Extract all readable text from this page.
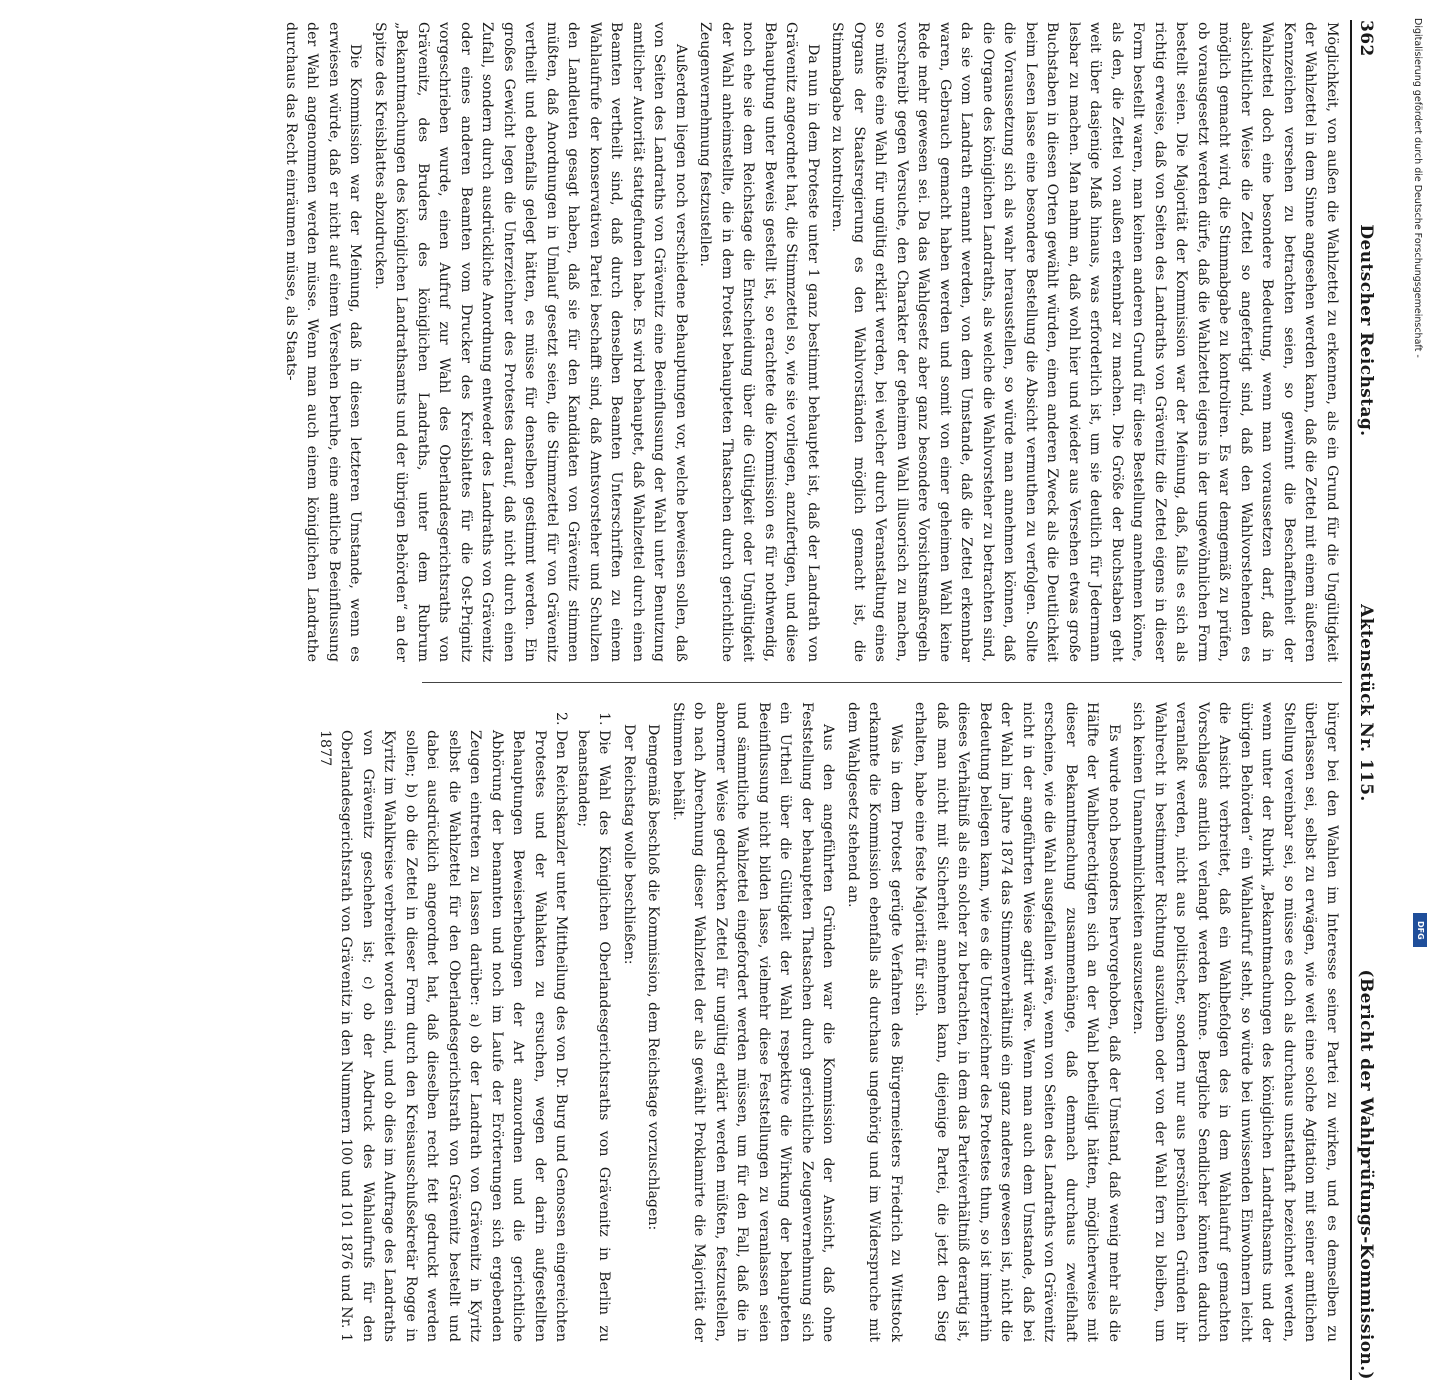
362
Deutscher Reichstag.
Aktenstück Nr. 115.
(Bericht der Wahlprüfungs-Kommission.)

Möglichkeit, von außen die Wahlzettel zu erkennen, als ein Grund für die Ungültigkeit der Wahlzettel in dem Sinne angesehen werden kann, daß die Zettel mit einem äußeren Kennzeichen versehen zu betrachten seien, so gewinnt die Beschaffenheit der Wahlzettel doch eine besondere Bedeutung, wenn man voraussetzen darf, daß in absichtlicher Weise die Zettel so angefertigt sind, daß den Wahlvorstehenden es möglich gemacht wird, die Stimmabgabe zu kontroliren. Es war demgemäß zu prüfen, ob vorausgesetzt werden dürfe, daß die Wahlzettel eigens in der ungewöhnlichen Form bestellt seien. Die Majorität der Kommission war der Meinung, daß, falls es sich als richtig erweise, daß von Seiten des Landraths von Grävenitz die Zettel eigens in dieser Form bestellt waren, man keinen anderen Grund für diese Bestellung annehmen könne, als den, die Zettel von außen erkennbar zu machen. Die Größe der Buchstaben geht weit über dasjenige Maß hinaus, was erforderlich ist, um sie deutlich für Jedermann lesbar zu machen. Man nahm an, daß wohl hier und wieder aus Versehen etwas große Buchstaben in diesen Orten gewählt würden, einen anderen Zweck als die Deutlichkeit beim Lesen lasse eine besondere Bestellung die Absicht vermuthen zu verfolgen. Sollte die Voraussetzung sich als wahr herausstellen, so würde man annehmen können, daß die Organe des königlichen Landraths, als welche die Wahlvorsteher zu betrachten sind, da sie vom Landrath ernannt werden, von dem Umstande, daß die Zettel erkennbar waren, Gebrauch gemacht haben werden und somit von einer geheimen Wahl keine Rede mehr gewesen sei. Da das Wahlgesetz aber ganz besondere Vorsichtsmaßregeln vorschreibt gegen Versuche, den Charakter der geheimen Wahl illusorisch zu machen, so müßte eine Wahl für ungültig erklärt werden, bei welcher durch Veranstaltung eines Organs der Staatsregierung es den Wahlvorständen möglich gemacht ist, die Stimmabgabe zu kontroliren.

Da nun in dem Proteste unter 1 ganz bestimmt behauptet ist, daß der Landrath von Grävenitz angeordnet hat, die Stimmzettel so, wie sie vorliegen, anzufertigen, und diese Behauptung unter Beweis gestellt ist, so erachtete die Kommission es für nothwendig, noch ehe sie dem Reichstage die Entscheidung über die Gültigkeit oder Ungültigkeit der Wahl anheimstellte, die in dem Protest behaupteten Thatsachen durch gerichtliche Zeugenvernehmung festzustellen.

Außerdem liegen noch verschiedene Behauptungen vor, welche beweisen sollen, daß von Seiten des Landraths von Grävenitz eine Beeinflussung der Wahl unter Benutzung amtlicher Autorität stattgefunden habe. Es wird behauptet, daß Wahlzettel durch einen Beamten vertheilt sind, daß durch denselben Beamten Unterschriften zu einem Wahlaufrufe der konservativen Partei beschafft sind, daß Amtsvorsteher und Schulzen den Landleuten gesagt haben, daß sie für den Kandidaten von Grävenitz stimmen müßten, daß Anordnungen in Umlauf gesetzt seien, die Stimmzettel für von Grävenitz vertheilt und ebenfalls gelegt hätten, es müsse für denselben gestimmt werden. Ein großes Gewicht legen die Unterzeichner des Protestes darauf, daß nicht durch einen Zufall, sondern durch ausdrückliche Anordnung entweder des Landraths von Grävenitz oder eines anderen Beamten vom Drucker des Kreisblattes für die Ost-Prignitz vorgeschrieben wurde, einen Aufruf zur Wahl des Oberlandesgerichtsraths von Grävenitz, des Bruders des königlichen Landraths, unter dem Rubrum „Bekanntmachungen des königlichen Landrathsamts und der übrigen Behörden“ an der Spitze des Kreisblattes abzudrucken.

Die Kommission war der Meinung, daß in diesen letzteren Umstande, wenn es erwiesen würde, daß er nicht auf einem Versehen beruhe, eine amtliche Beeinflussung der Wahl angenommen werden müsse. Wenn man auch einem königlichen Landrathe durchaus das Recht einräumen müsse, als Staats-

bürger bei den Wahlen im Interesse seiner Partei zu wirken, und es demselben zu überlassen sei, selbst zu erwägen, wie weit eine solche Agitation mit seiner amtlichen Stellung vereinbar sei, so müsse es doch als durchaus unstatthaft bezeichnet werden, wenn unter der Rubrik „Bekanntmachungen des königlichen Landrathsamts und der übrigen Behörden“ ein Wahlaufruf steht, so würde bei unwissenden Einwohnern leicht die Ansicht verbreitet, daß ein Wahlbefolgen des in dem Wahlaufruf gemachten Vorschlages amtlich verlangt werden könne. Bergliche Sendlicher könnten dadurch veranlaßt werden, nicht aus politischer, sondern nur aus persönlichen Gründen ihr Wahlrecht in bestimmter Richtung auszuüben oder von der Wahl fern zu bleiben, um sich keinen Unannehmlichkeiten auszusetzen.

Es wurde noch besonders hervorgehoben, daß der Umstand, daß wenig mehr als die Hälfte der Wahlberechtigten sich an der Wahl betheiligt hätten, möglicherweise mit dieser Bekanntmachung zusammenhänge, daß demnach durchaus zweifelhaft erscheine, wie die Wahl ausgefallen wäre, wenn von Seiten des Landraths von Grävenitz nicht in der angeführten Weise agitirt wäre. Wenn man auch dem Umstande, daß bei der Wahl im Jahre 1874 das Stimmenverhältniß ein ganz anderes gewesen ist, nicht die Bedeutung beilegen kann, wie es die Unterzeichner des Protestes thun, so ist immerhin dieses Verhältniß als ein solcher zu betrachten, in dem das Parteiverhältniß derartig ist, daß man nicht mit Sicherheit annehmen kann, diejenige Partei, die jetzt den Sieg erhalten, habe eine feste Majorität für sich.

Was in dem Protest gerügte Verfahren des Bürgermeisters Friedrich zu Wittstock erkannte die Kommission ebenfalls als durchaus ungehörig und im Widerspruche mit dem Wahlgesetz stehend an.

Aus den angeführten Gründen war die Kommission der Ansicht, daß ohne Feststellung der behaupteten Thatsachen durch gerichtliche Zeugenvernehmung sich ein Urtheil über die Gültigkeit der Wahl respektive die Wirkung der behaupteten Beeinflussung nicht bilden lasse, vielmehr diese Feststellungen zu veranlassen seien und sämmtliche Wahlzettel eingefordert werden müssen, um für den Fall, daß die in abnormer Weise gedruckten Zettel für ungültig erklärt werden müßten, festzustellen, ob nach Abrechnung dieser Wahlzettel der als gewählt Proklamirte die Majorität der Stimmen behält.

Demgemäß beschloß die Kommission, dem Reichstage vorzuschlagen:

Der Reichstag wolle beschließen:

1. Die Wahl des Königlichen Oberlandesgerichtsraths von Grävenitz in Berlin zu beanstanden;
2. Den Reichskanzler unter Mittheilung des von Dr. Burg und Genossen eingereichten Protestes und der Wahlakten zu ersuchen, wegen der darin aufgestellten Behauptungen Beweiserhebungen der Art anzuordnen und die gerichtliche Abhörung der benannten und noch im Laufe der Erörterungen sich ergebenden Zeugen eintreten zu lassen darüber: a) ob der Landrath von Grävenitz in Kyritz selbst die Wahlzettel für den Oberlandesgerichtsrath von Grävenitz bestellt und dabei ausdrücklich angeordnet hat, daß dieselben recht fett gedruckt werden sollen; b) ob die Zettel in dieser Form durch den Kreisausschußsekretär Rogge in Kyritz im Wahlkreise verbreitet worden sind, und ob dies im Auftrage des Landraths von Grävenitz geschehen ist; c) ob der Abdruck des Wahlaufrufs für den Oberlandesgerichtsrath von Grävenitz in den Nummern 100 und 101 1876 und Nr. 1 1877
Digitalisierung gefördert durch die Deutsche Forschungsgemeinschaft -
DFG
